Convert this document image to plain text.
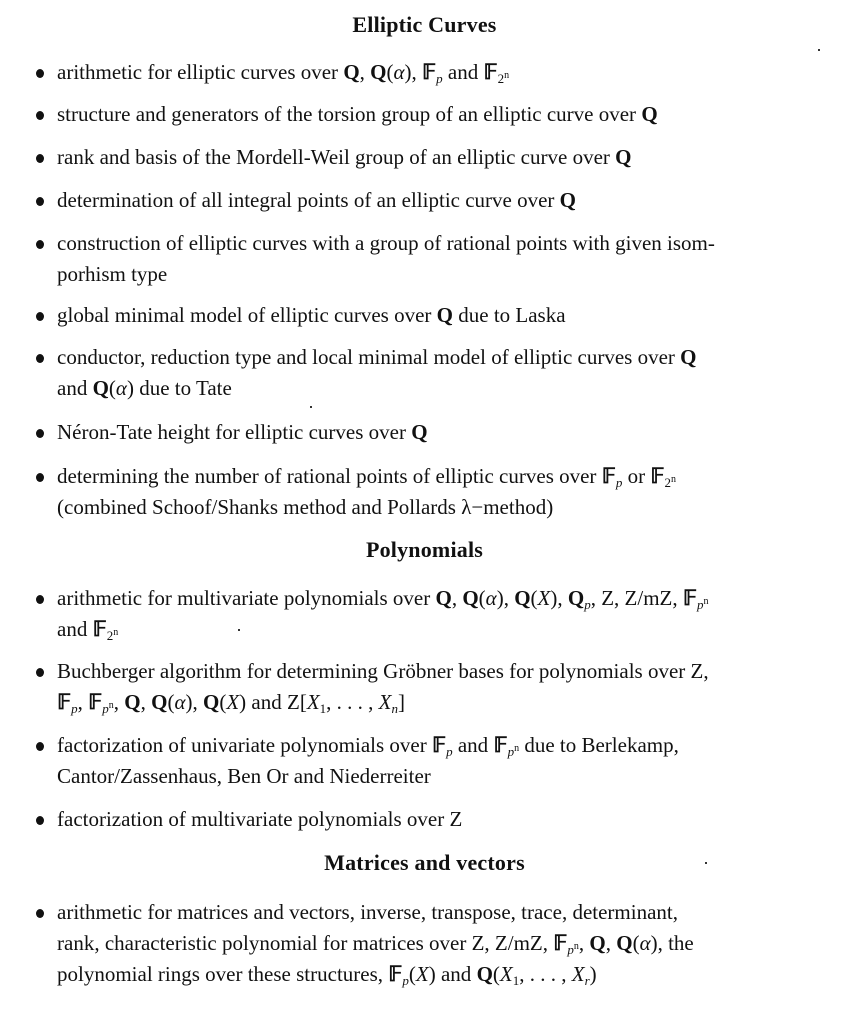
Elliptic Curves
arithmetic for elliptic curves over Q, Q(α), 𝔽$_p$ and 𝔽$_{2^n}$
structure and generators of the torsion group of an elliptic curve over Q
rank and basis of the Mordell-Weil group of an elliptic curve over Q
determination of all integral points of an elliptic curve over Q
construction of elliptic curves with a group of rational points with given isom-
porhism type
global minimal model of elliptic curves over Q due to Laska
conductor, reduction type and local minimal model of elliptic curves over Q
and Q(α) due to Tate
Néron-Tate height for elliptic curves over Q
determining the number of rational points of elliptic curves over 𝔽$_p$ or 𝔽$_{2^n}$
(combined Schoof/Shanks method and Pollards λ−method)
Polynomials
arithmetic for multivariate polynomials over Q, Q(α), Q(X), $Q_p$, Z, Z/mZ, 𝔽$_{p^n}$
and 𝔽$_{2^n}$
Buchberger algorithm for determining Gröbner bases for polynomials over Z,
𝔽$_p$, 𝔽$_{p^n}$, Q, Q(α), Q(X) and $Z[X_1$, . . . , $X_n$]
factorization of univariate polynomials over 𝔽$_p$ and 𝔽$_{p^n}$ due to Berlekamp,
Cantor/Zassenhaus, Ben Or and Niederreiter
factorization of multivariate polynomials over Z
Matrices and vectors
arithmetic for matrices and vectors, inverse, transpose, trace, determinant,
rank, characteristic polynomial for matrices over Z, Z/mZ, 𝔽$_{p^n}$, Q, Q(α), the
polynomial rings over these structures, 𝔽$_p$(X) and $Q(X_1$, . . . , $X_r$)
